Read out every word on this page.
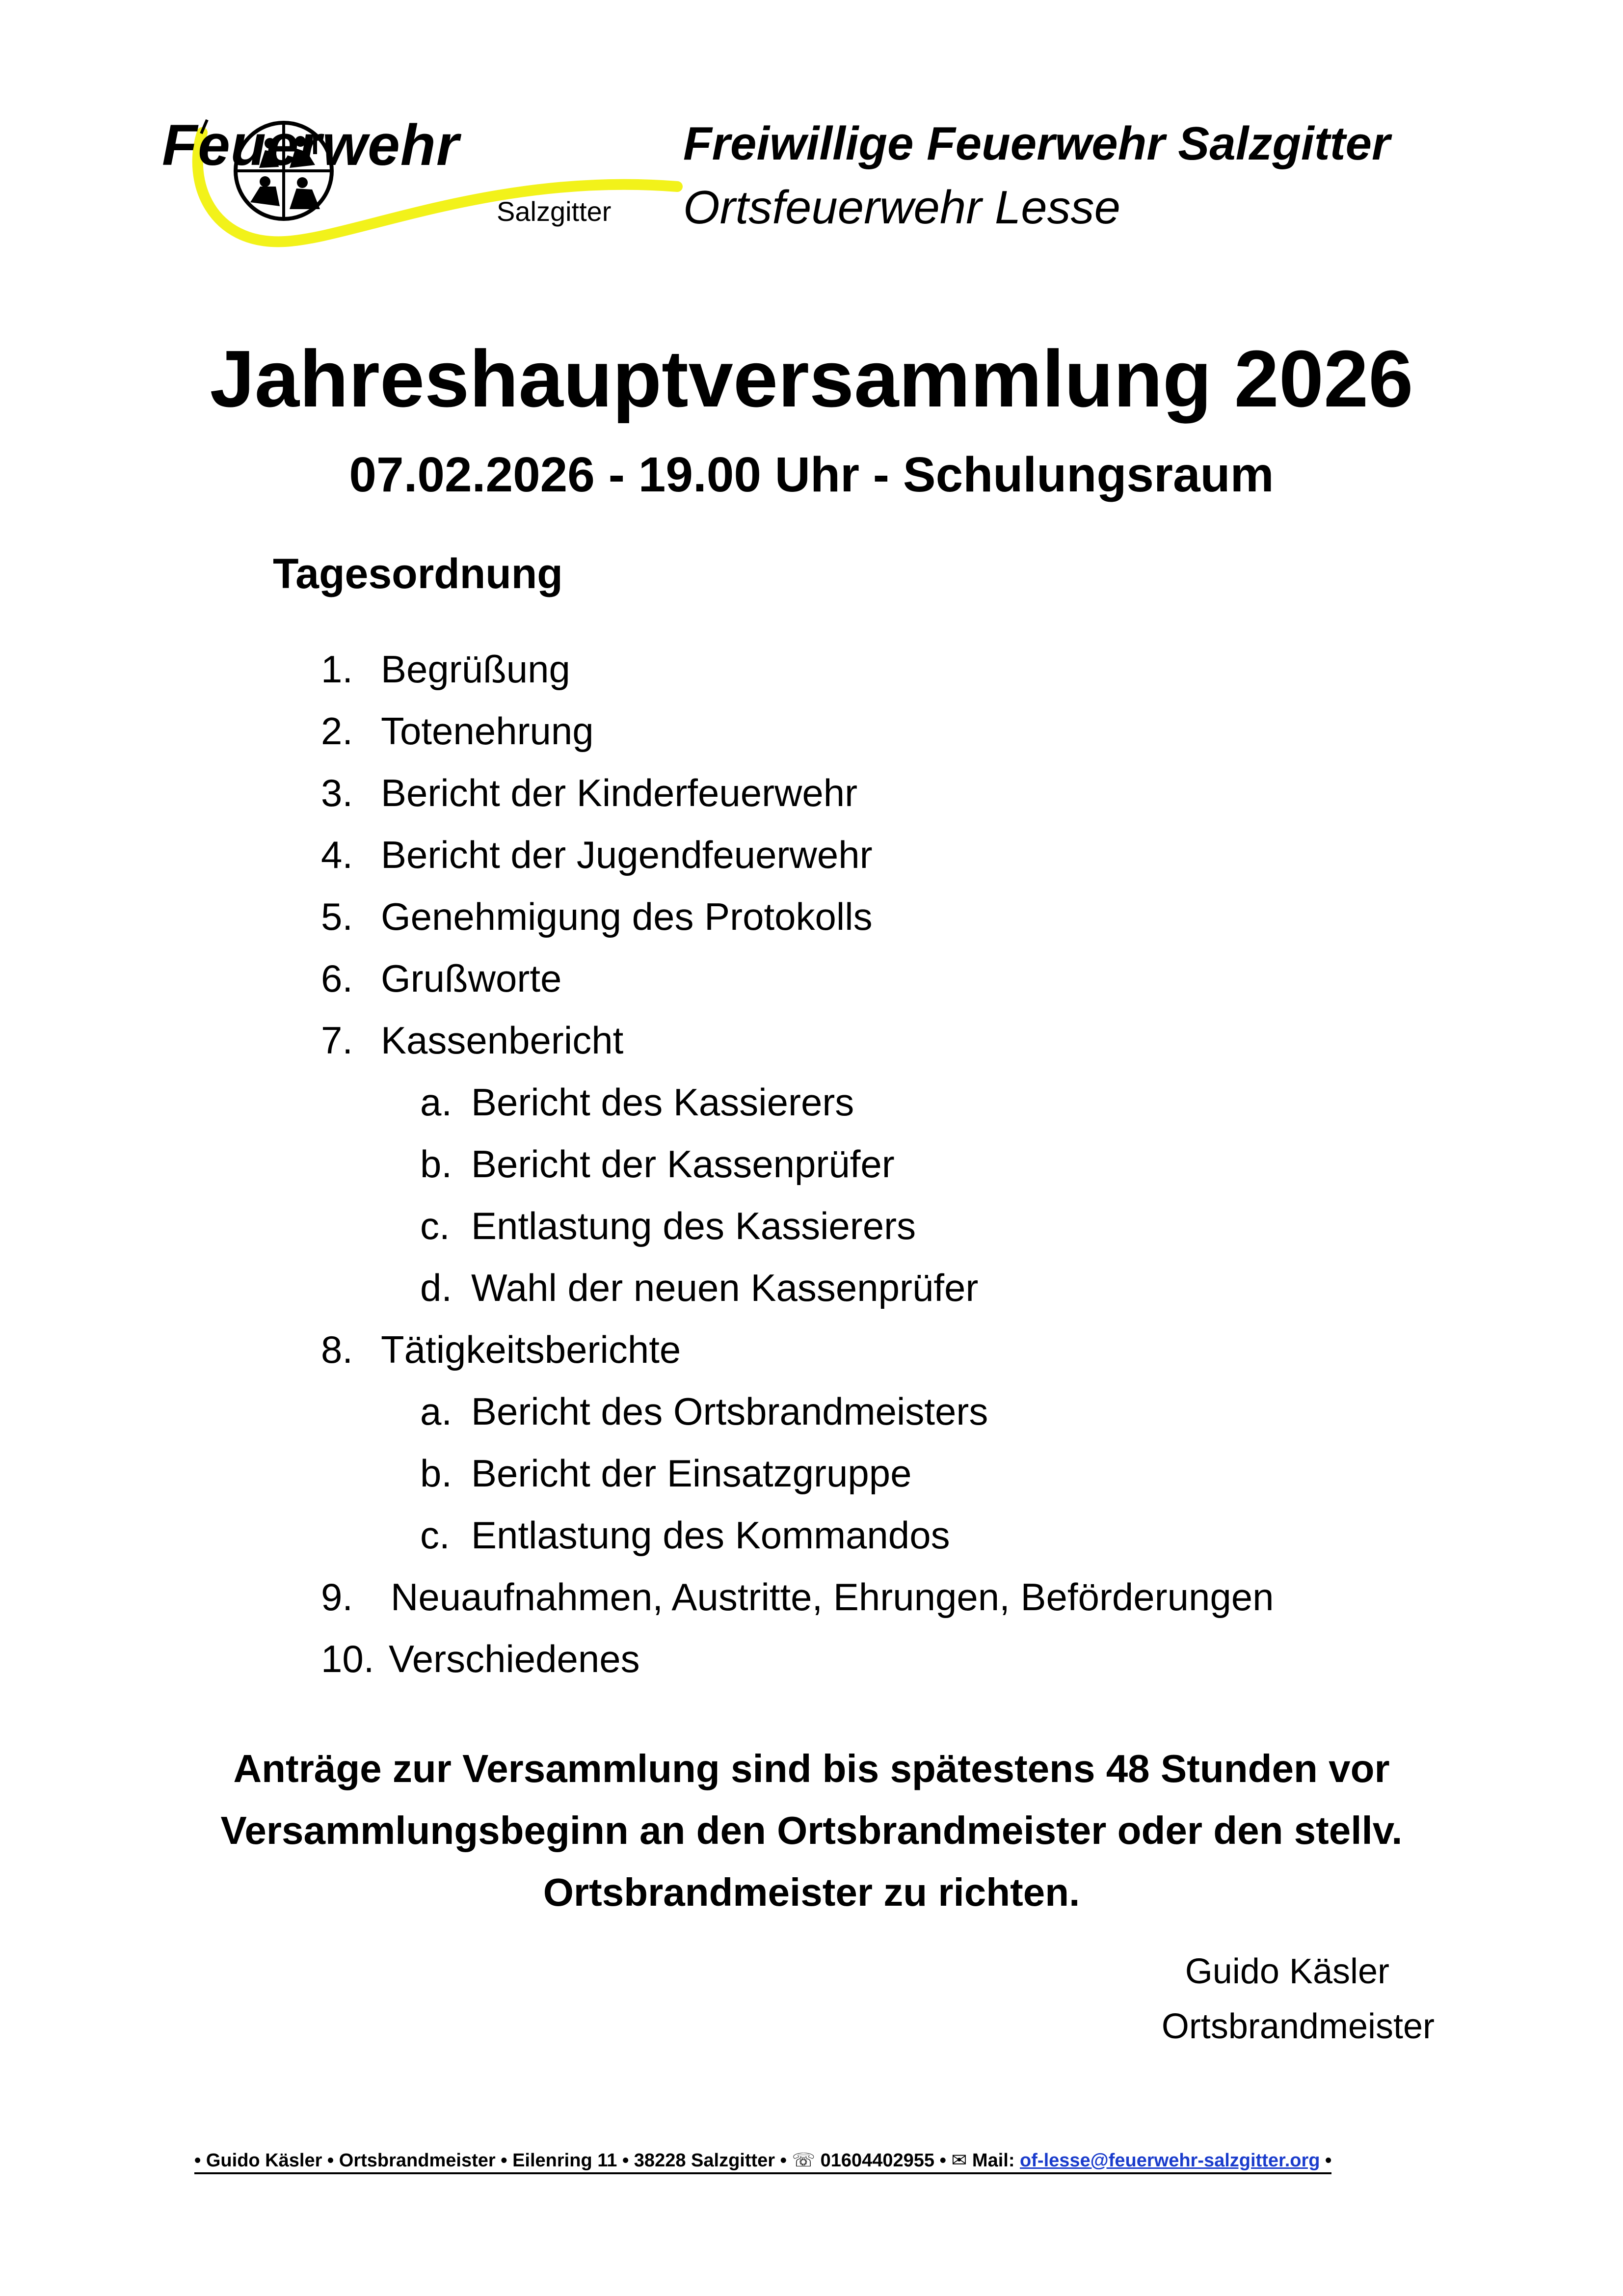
Feuerwehr
Salzgitter
Freiwillige Feuerwehr Salzgitter
Ortsfeuerwehr Lesse
Jahreshauptversammlung 2026
07.02.2026 - 19.00 Uhr - Schulungsraum
Tagesordnung
1. Begrüßung
2. Totenehrung
3. Bericht der Kinderfeuerwehr
4. Bericht der Jugendfeuerwehr
5. Genehmigung des Protokolls
6. Grußworte
7. Kassenbericht
a. Bericht des Kassierers
b. Bericht der Kassenprüfer
c. Entlastung des Kassierers
d. Wahl der neuen Kassenprüfer
8. Tätigkeitsberichte
a. Bericht des Ortsbrandmeisters
b. Bericht der Einsatzgruppe
c. Entlastung des Kommandos
9. Neuaufnahmen, Austritte, Ehrungen, Beförderungen
10. Verschiedenes
Anträge zur Versammlung sind bis spätestens 48 Stunden vor
Versammlungsbeginn an den Ortsbrandmeister oder den stellv.
Ortsbrandmeister zu richten.
Guido Käsler
Ortsbrandmeister
• Guido Käsler • Ortsbrandmeister • Eilenring 11 • 38228 Salzgitter • ☏ 01604402955 • ✉ Mail: of-lesse@feuerwehr-salzgitter.org •
